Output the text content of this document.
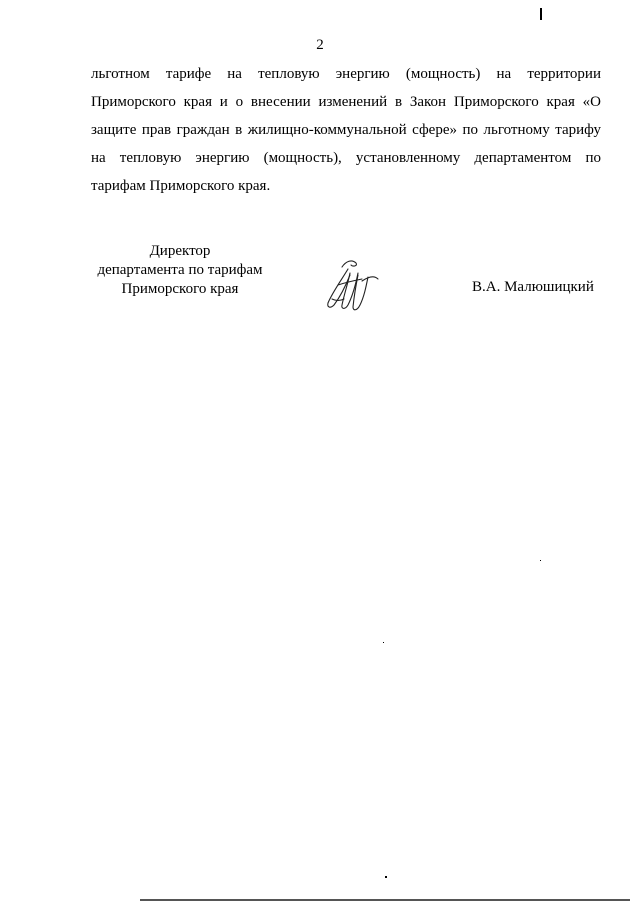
2
льготном тарифе на тепловую энергию (мощность) на территории
Приморского края и о внесении изменений в Закон Приморского края «О
защите прав граждан в жилищно-коммунальной сфере» по льготному тарифу
на тепловую энергию (мощность), установленному департаментом по
тарифам Приморского края.
Директор
департамента по тарифам
Приморского края	В.А. Малюшицкий
